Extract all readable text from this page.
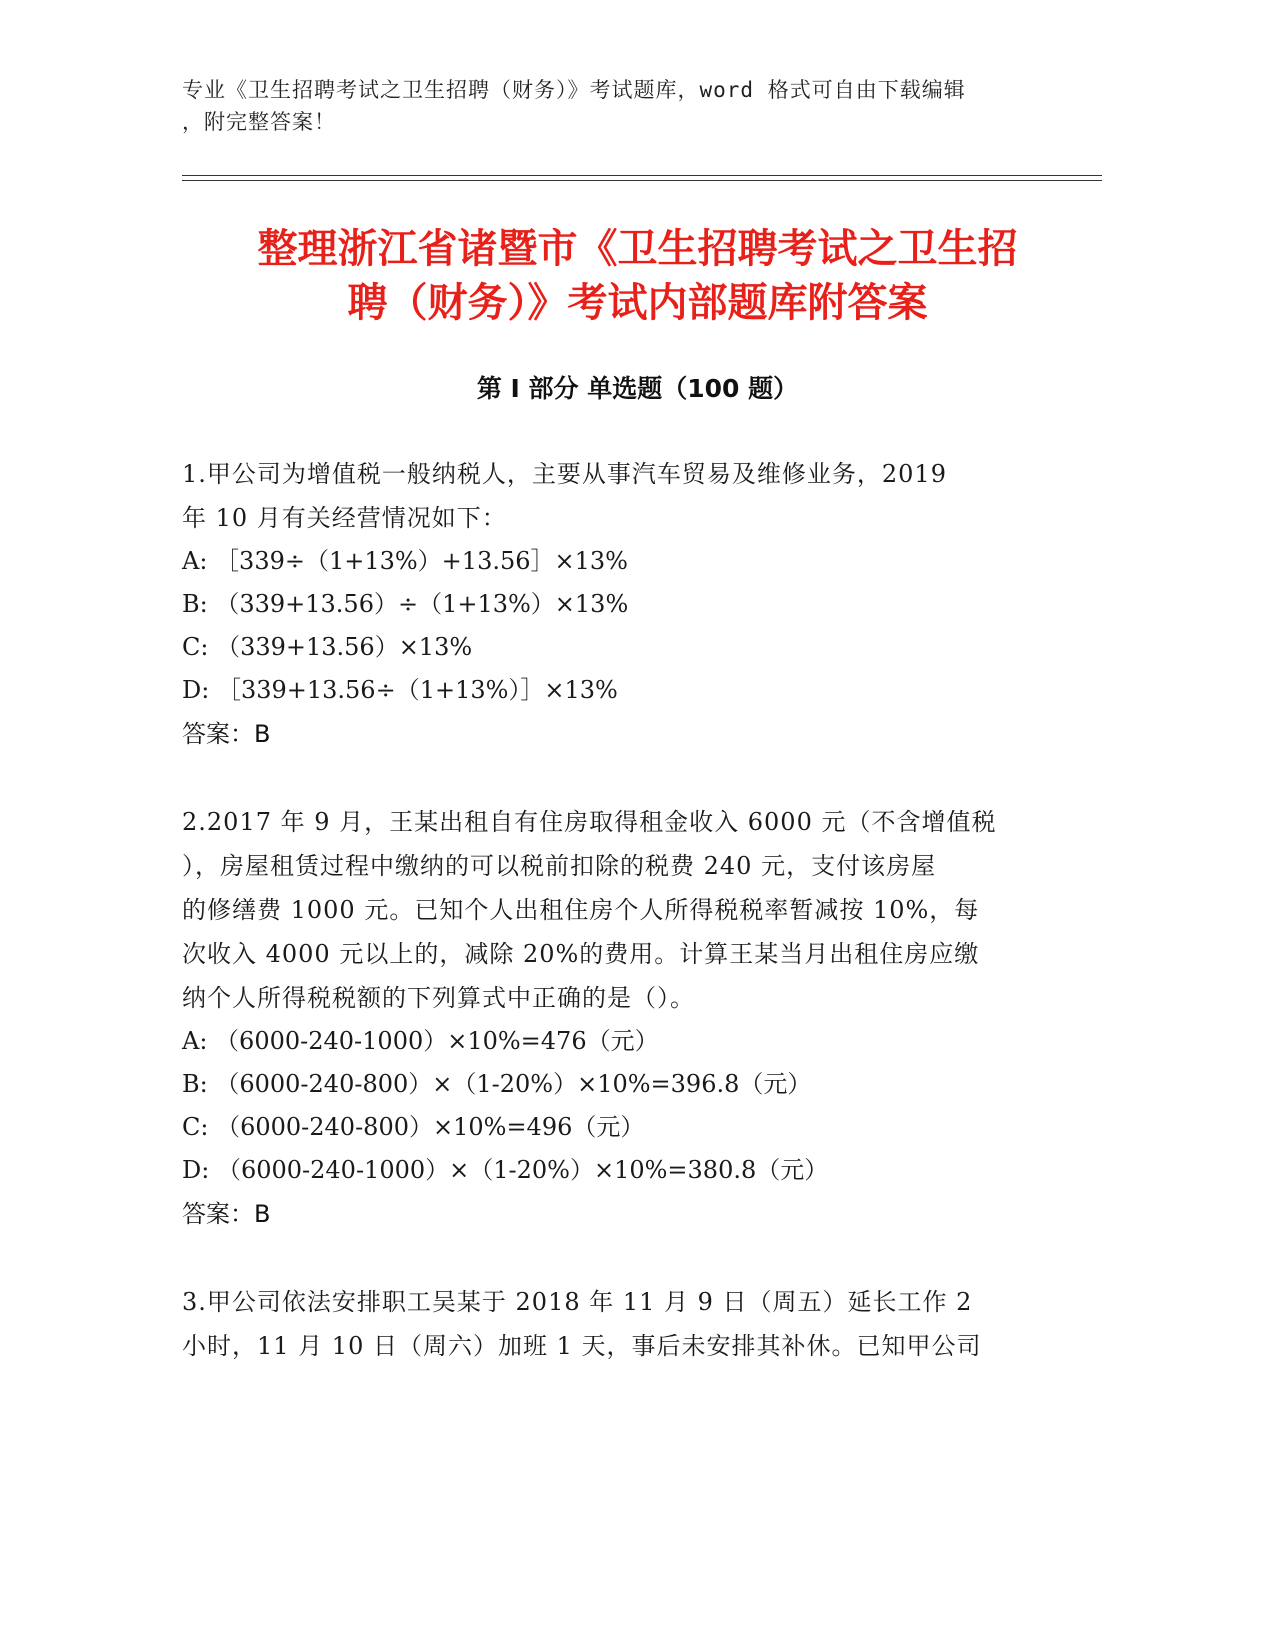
专业《卫生招聘考试之卫生招聘（财务）》考试题库，word 格式可自由下载编辑
，附完整答案！
整理浙江省诸暨市《卫生招聘考试之卫生招
聘（财务）》考试内部题库附答案
第 I 部分 单选题（100 题）
1.甲公司为增值税一般纳税人，主要从事汽车贸易及维修业务，2019
年 10 月有关经营情况如下：
A: ［339÷（1+13%）+13.56］×13%
B: （339+13.56）÷（1+13%）×13%
C: （339+13.56）×13%
D: ［339+13.56÷（1+13%）］×13%
答案：B
2.2017 年 9 月，王某出租自有住房取得租金收入 6000 元（不含增值税
），房屋租赁过程中缴纳的可以税前扣除的税费 240 元，支付该房屋
的修缮费 1000 元。已知个人出租住房个人所得税税率暂减按 10%，每
次收入 4000 元以上的，减除 20%的费用。计算王某当月出租住房应缴
纳个人所得税税额的下列算式中正确的是（）。
A: （6000-240-1000）×10%=476（元）
B: （6000-240-800）×（1-20%）×10%=396.8（元）
C: （6000-240-800）×10%=496（元）
D: （6000-240-1000）×（1-20%）×10%=380.8（元）
答案：B
3.甲公司依法安排职工吴某于 2018 年 11 月 9 日（周五）延长工作 2
小时，11 月 10 日（周六）加班 1 天，事后未安排其补休。已知甲公司
